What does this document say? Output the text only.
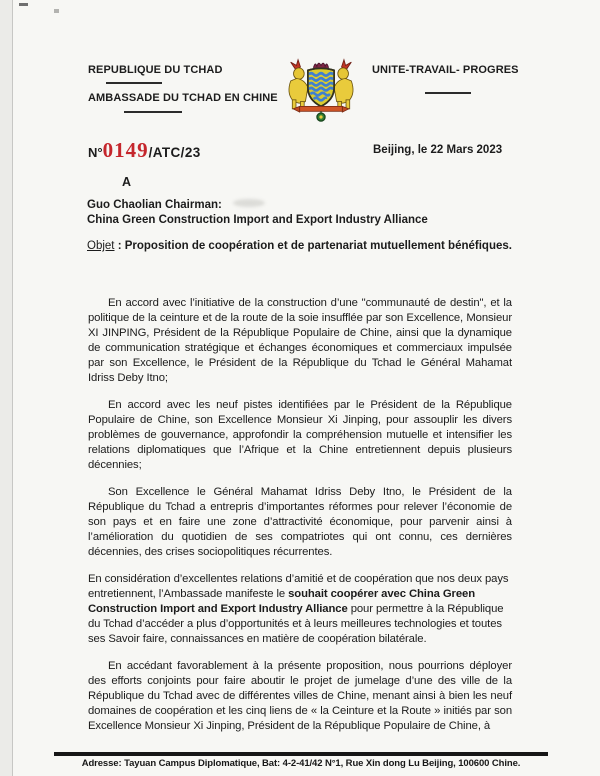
REPUBLIQUE DU TCHAD
AMBASSADE DU TCHAD EN CHINE
UNITE-TRAVAIL- PROGRES
N°0149/ATC/23	Beijing, le 22 Mars 2023
A
Guo Chaolian Chairman:
China Green Construction Import and Export Industry Alliance

Objet : Proposition de coopération et de partenariat mutuellement bénéfiques.

En accord avec l’initiative de la construction d’une "communauté de destin", et la politique de la ceinture et de la route de la soie insufflée par son Excellence, Monsieur XI JINPING, Président de la République Populaire de Chine, ainsi que la dynamique de communication stratégique et échanges économiques et commerciaux impulsée par son Excellence, le Président de la République du Tchad le Général Mahamat Idriss Deby Itno;

En accord avec les neuf pistes identifiées par le Président de la République Populaire de Chine, son Excellence Monsieur Xi Jinping, pour assouplir les divers problèmes de gouvernance, approfondir la compréhension mutuelle et intensifier les relations diplomatiques que l’Afrique et la Chine entretiennent depuis plusieurs décennies;

Son Excellence le Général Mahamat Idriss Deby Itno, le Président de la République du Tchad a entrepris d’importantes réformes pour relever l’économie de son pays et en faire une zone d’attractivité économique, pour parvenir ainsi à l’amélioration du quotidien de ses compatriotes qui ont connu, ces dernières décennies, des crises sociopolitiques récurrentes.

En considération d’excellentes relations d’amitié et de coopération que nos deux pays entretiennent, l’Ambassade manifeste le souhait coopérer avec China Green Construction Import and Export Industry Alliance pour permettre à la République du Tchad d’accéder a plus d’opportunités et à leurs meilleures technologies et toutes ses Savoir faire, connaissances en matière de coopération bilatérale.

En accédant favorablement à la présente proposition, nous pourrions déployer des efforts conjoints pour faire aboutir le projet de jumelage d’une des ville de la République du Tchad avec de différentes villes de Chine, menant ainsi à bien les neuf domaines de coopération et les cinq liens de « la Ceinture et la Route » initiés par son Excellence Monsieur Xi Jinping, Président de la République Populaire de Chine, à

Adresse: Tayuan Campus Diplomatique, Bat: 4-2-41/42 N°1, Rue Xin dong Lu Beijing, 100600 Chine.
